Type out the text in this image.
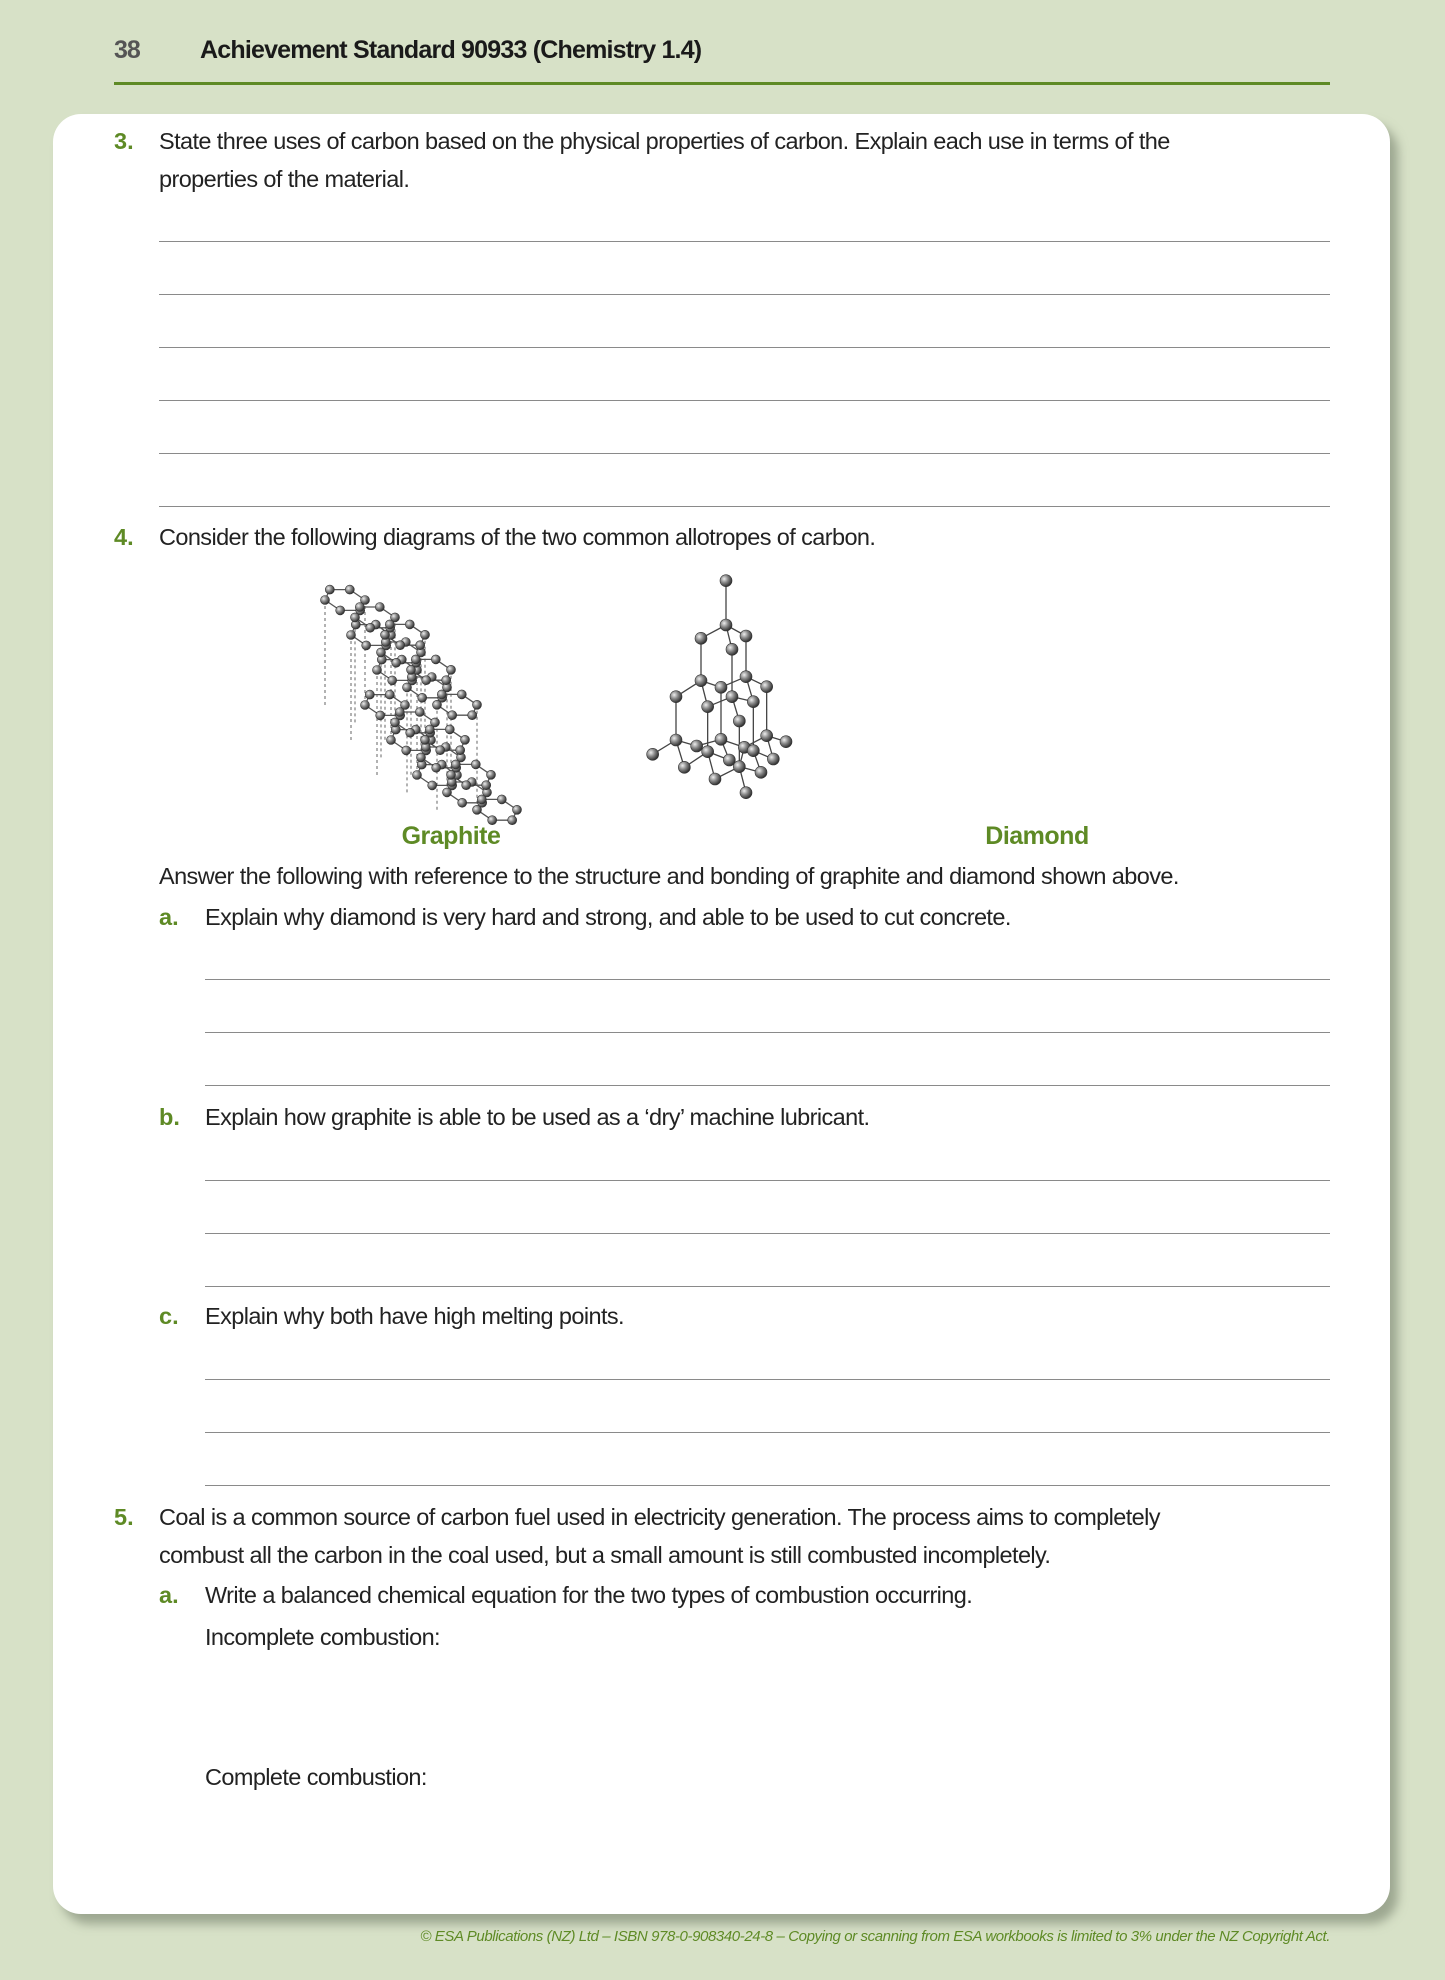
38 Achievement Standard 90933 (Chemistry 1.4)
3. State three uses of carbon based on the physical properties of carbon. Explain each use in terms of the
properties of the material.
4. Consider the following diagrams of the two common allotropes of carbon.
Graphite	Diamond
Answer the following with reference to the structure and bonding of graphite and diamond shown above.
a. Explain why diamond is very hard and strong, and able to be used to cut concrete.
b. Explain how graphite is able to be used as a ‘dry’ machine lubricant.
c. Explain why both have high melting points.
5. Coal is a common source of carbon fuel used in electricity generation. The process aims to completely
combust all the carbon in the coal used, but a small amount is still combusted incompletely.
a. Write a balanced chemical equation for the two types of combustion occurring.
Incomplete combustion:
Complete combustion:
© ESA Publications (NZ) Ltd – ISBN 978-0-908340-24-8 – Copying or scanning from ESA workbooks is limited to 3% under the NZ Copyright Act.
